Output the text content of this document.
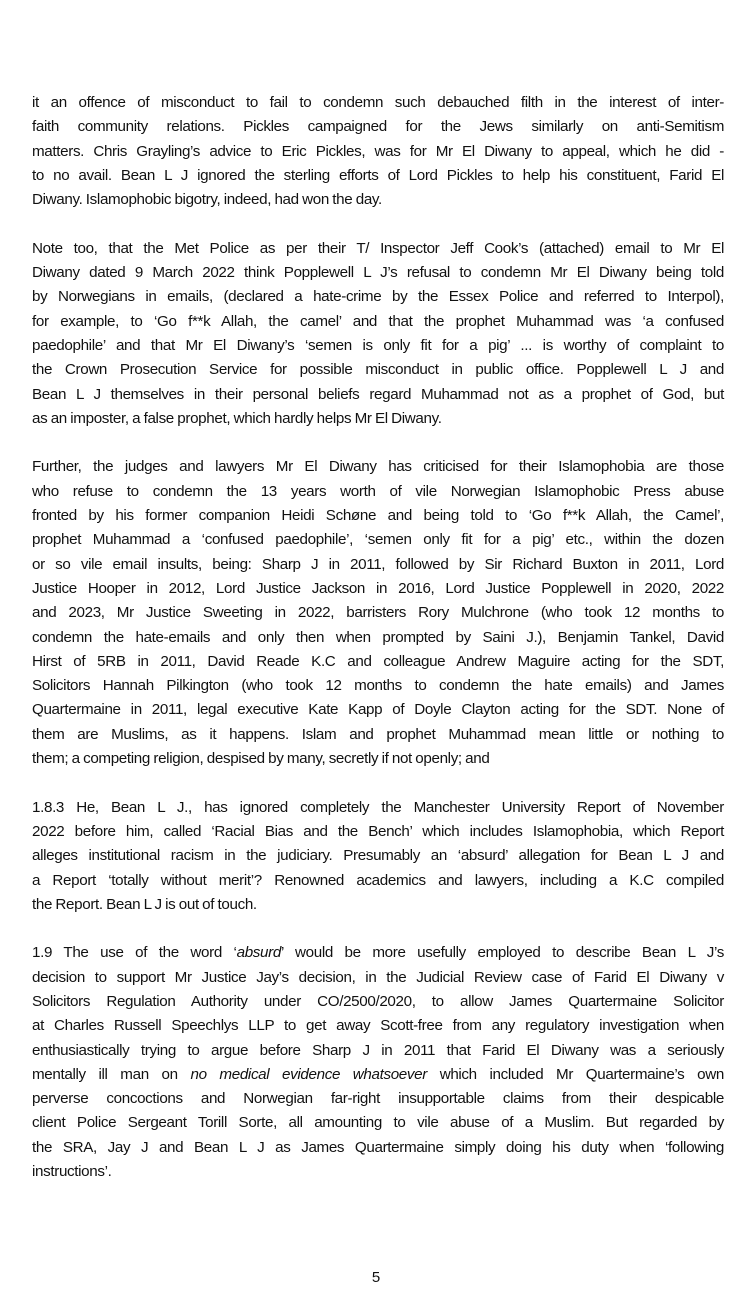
it an offence of misconduct to fail to condemn such debauched filth in the interest of inter-
faith community relations. Pickles campaigned for the Jews similarly on anti-Semitism
matters. Chris Grayling’s advice to Eric Pickles, was for Mr El Diwany to appeal, which he did -
to no avail. Bean L J ignored the sterling efforts of Lord Pickles to help his constituent, Farid El
Diwany. Islamophobic bigotry, indeed, had won the day.
Note too, that the Met Police as per their T/ Inspector Jeff Cook’s (attached) email to Mr El
Diwany dated 9 March 2022 think Popplewell L J’s refusal to condemn Mr El Diwany being told
by Norwegians in emails, (declared a hate-crime by the Essex Police and referred to Interpol),
for example, to ‘Go f**k Allah, the camel’ and that the prophet Muhammad was ‘a confused
paedophile’ and that Mr El Diwany’s ‘semen is only fit for a pig’ ... is worthy of complaint to
the Crown Prosecution Service for possible misconduct in public office. Popplewell L J and
Bean L J themselves in their personal beliefs regard Muhammad not as a prophet of God, but
as an imposter, a false prophet, which hardly helps Mr El Diwany.
Further, the judges and lawyers Mr El Diwany has criticised for their Islamophobia are those
who refuse to condemn the 13 years worth of vile Norwegian Islamophobic Press abuse
fronted by his former companion Heidi Schøne and being told to ‘Go f**k Allah, the Camel’,
prophet Muhammad a ‘confused paedophile’, ‘semen only fit for a pig’ etc., within the dozen
or so vile email insults, being: Sharp J in 2011, followed by Sir Richard Buxton in 2011, Lord
Justice Hooper in 2012, Lord Justice Jackson in 2016, Lord Justice Popplewell in 2020, 2022
and 2023, Mr Justice Sweeting in 2022, barristers Rory Mulchrone (who took 12 months to
condemn the hate-emails and only then when prompted by Saini J.), Benjamin Tankel, David
Hirst of 5RB in 2011, David Reade K.C and colleague Andrew Maguire acting for the SDT,
Solicitors Hannah Pilkington (who took 12 months to condemn the hate emails) and James
Quartermaine in 2011, legal executive Kate Kapp of Doyle Clayton acting for the SDT. None of
them are Muslims, as it happens. Islam and prophet Muhammad mean little or nothing to
them; a competing religion, despised by many, secretly if not openly; and
1.8.3 He, Bean L J., has ignored completely the Manchester University Report of November
2022 before him, called ‘Racial Bias and the Bench’ which includes Islamophobia, which Report
alleges institutional racism in the judiciary. Presumably an ‘absurd’ allegation for Bean L J and
a Report ‘totally without merit’? Renowned academics and lawyers, including a K.C compiled
the Report. Bean L J is out of touch.
1.9 The use of the word ‘absurd’ would be more usefully employed to describe Bean L J’s
decision to support Mr Justice Jay’s decision, in the Judicial Review case of Farid El Diwany v
Solicitors Regulation Authority under CO/2500/2020, to allow James Quartermaine Solicitor
at Charles Russell Speechlys LLP to get away Scott-free from any regulatory investigation when
enthusiastically trying to argue before Sharp J in 2011 that Farid El Diwany was a seriously
mentally ill man on no medical evidence whatsoever which included Mr Quartermaine’s own
perverse concoctions and Norwegian far-right insupportable claims from their despicable
client Police Sergeant Torill Sorte, all amounting to vile abuse of a Muslim. But regarded by
the SRA, Jay J and Bean L J as James Quartermaine simply doing his duty when ‘following
instructions’.
5
